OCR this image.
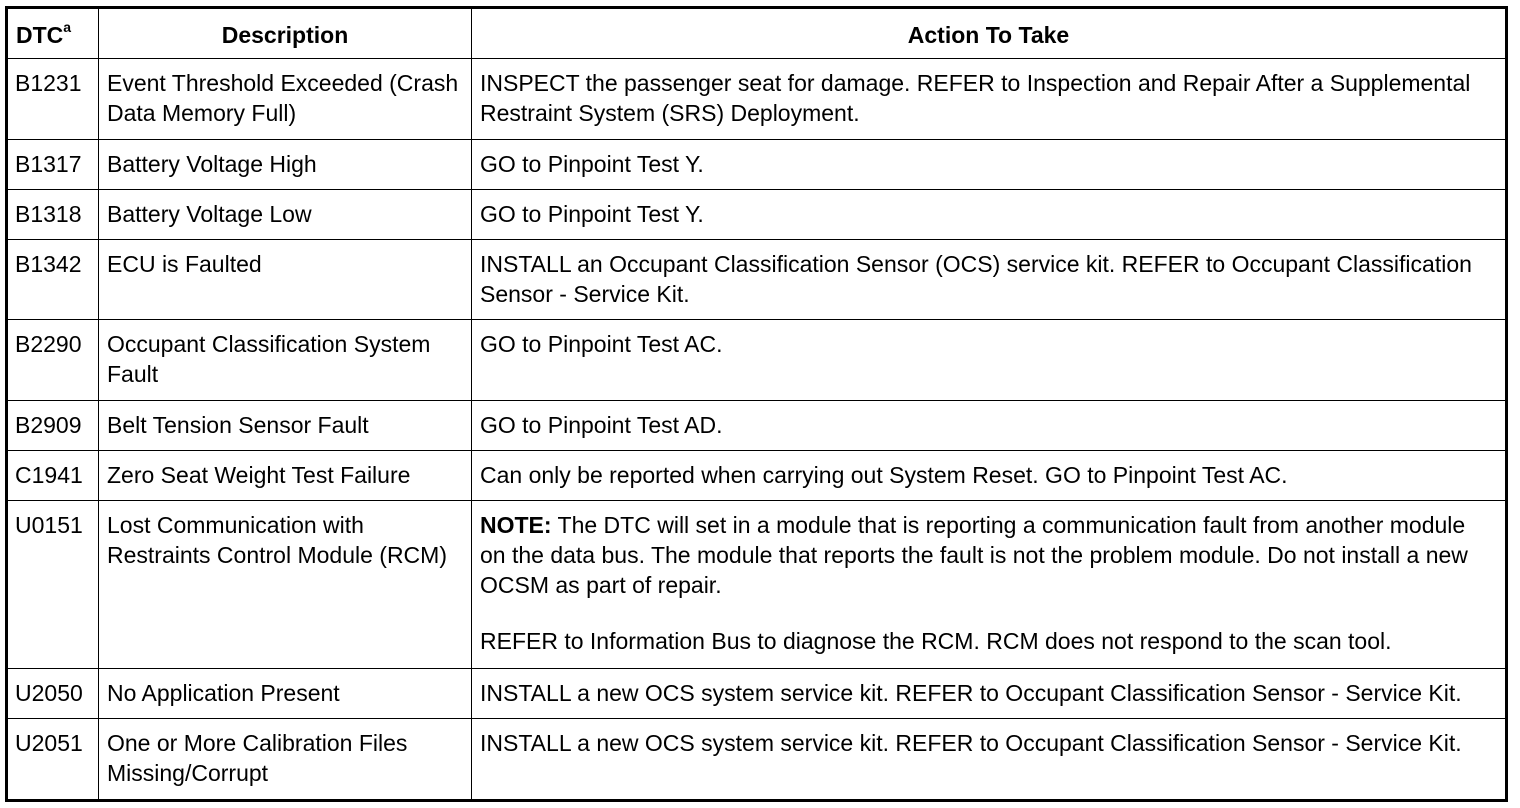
DTC$^a$	Description	Action To Take
B1231	Event Threshold Exceeded (Crash Data Memory Full)	INSPECT the passenger seat for damage. REFER to Inspection and Repair After a Supplemental Restraint System (SRS) Deployment.
B1317	Battery Voltage High	GO to Pinpoint Test Y.
B1318	Battery Voltage Low	GO to Pinpoint Test Y.
B1342	ECU is Faulted	INSTALL an Occupant Classification Sensor (OCS) service kit. REFER to Occupant Classification Sensor - Service Kit.
B2290	Occupant Classification System Fault	GO to Pinpoint Test AC.
B2909	Belt Tension Sensor Fault	GO to Pinpoint Test AD.
C1941	Zero Seat Weight Test Failure	Can only be reported when carrying out System Reset. GO to Pinpoint Test AC.
U0151	Lost Communication with Restraints Control Module (RCM)	NOTE: The DTC will set in a module that is reporting a communication fault from another module on the data bus. The module that reports the fault is not the problem module. Do not install a new OCSM as part of repair.
REFER to Information Bus to diagnose the RCM. RCM does not respond to the scan tool.

U2050	No Application Present	INSTALL a new OCS system service kit. REFER to Occupant Classification Sensor - Service Kit.
U2051	One or More Calibration Files Missing/Corrupt	INSTALL a new OCS system service kit. REFER to Occupant Classification Sensor - Service Kit.
